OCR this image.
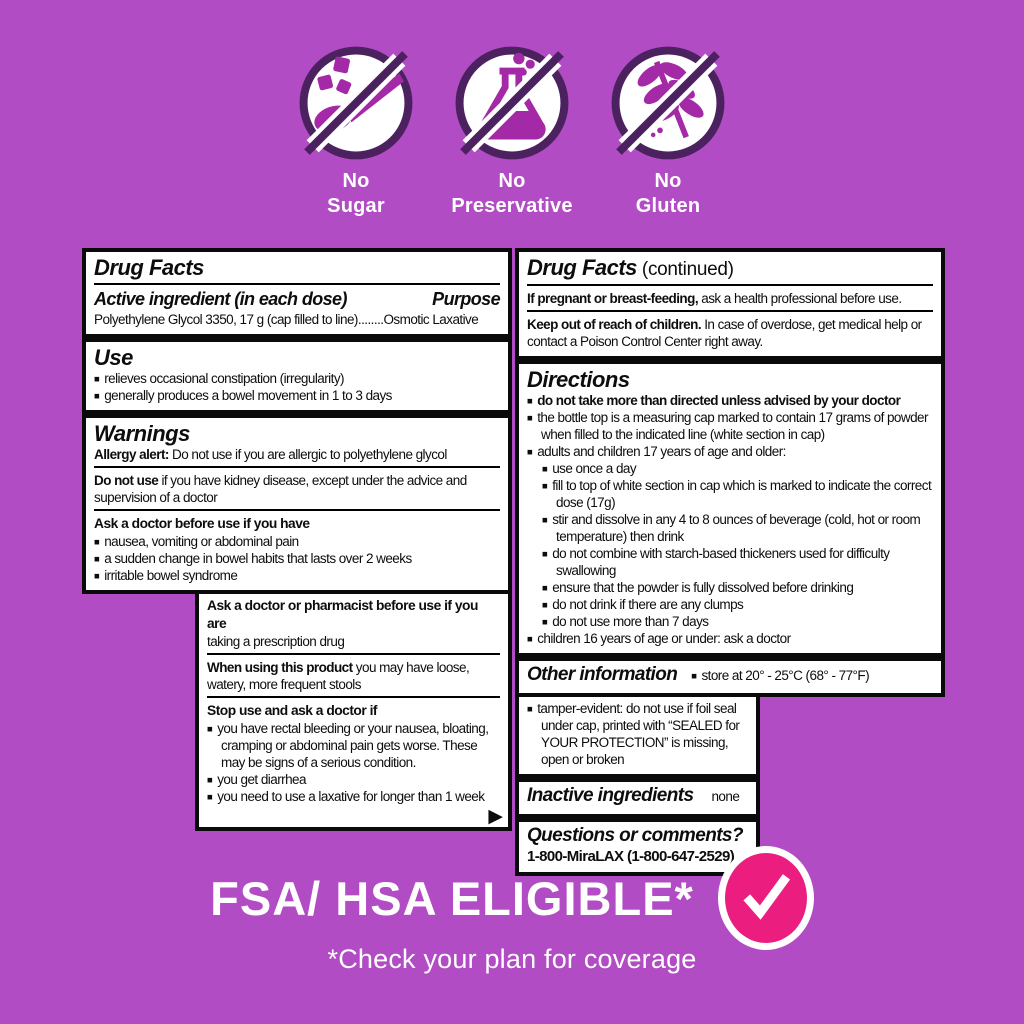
No
Sugar
No
Preservative
No
Gluten
Drug Facts
Active ingredient (in each dose)	Purpose
Polyethylene Glycol 3350, 17 g (cap filled to line)........Osmotic Laxative
Use
■ relieves occasional constipation (irregularity)
■ generally produces a bowel movement in 1 to 3 days
Warnings
Allergy alert: Do not use if you are allergic to polyethylene glycol
Do not use if you have kidney disease, except under the advice and supervision of a doctor
Ask a doctor before use if you have
■ nausea, vomiting or abdominal pain
■ a sudden change in bowel habits that lasts over 2 weeks
■ irritable bowel syndrome
Ask a doctor or pharmacist before use if you are
taking a prescription drug
When using this product you may have loose, watery, more frequent stools
Stop use and ask a doctor if
■ you have rectal bleeding or your nausea, bloating, cramping or abdominal pain gets worse. These may be signs of a serious condition.
■ you get diarrhea
■ you need to use a laxative for longer than 1 week
▶
Drug Facts (continued)
If pregnant or breast-feeding, ask a health professional before use.
Keep out of reach of children. In case of overdose, get medical help or contact a Poison Control Center right away.
Directions
■ do not take more than directed unless advised by your doctor
■ the bottle top is a measuring cap marked to contain 17 grams of powder when filled to the indicated line (white section in cap)
■ adults and children 17 years of age and older:
■ use once a day
■ fill to top of white section in cap which is marked to indicate the correct dose (17g)
■ stir and dissolve in any 4 to 8 ounces of beverage (cold, hot or room temperature) then drink
■ do not combine with starch-based thickeners used for difficulty swallowing
■ ensure that the powder is fully dissolved before drinking
■ do not drink if there are any clumps
■ do not use more than 7 days
■ children 16 years of age or under: ask a doctor
Other information	■ store at 20° - 25°C (68° - 77°F)
■ tamper-evident: do not use if foil seal under cap, printed with “SEALED for YOUR PROTECTION” is missing, open or broken
Inactive ingredients none
Questions or comments?
1-800-MiraLAX (1-800-647-2529)
FSA/ HSA ELIGIBLE*
*Check your plan for coverage
